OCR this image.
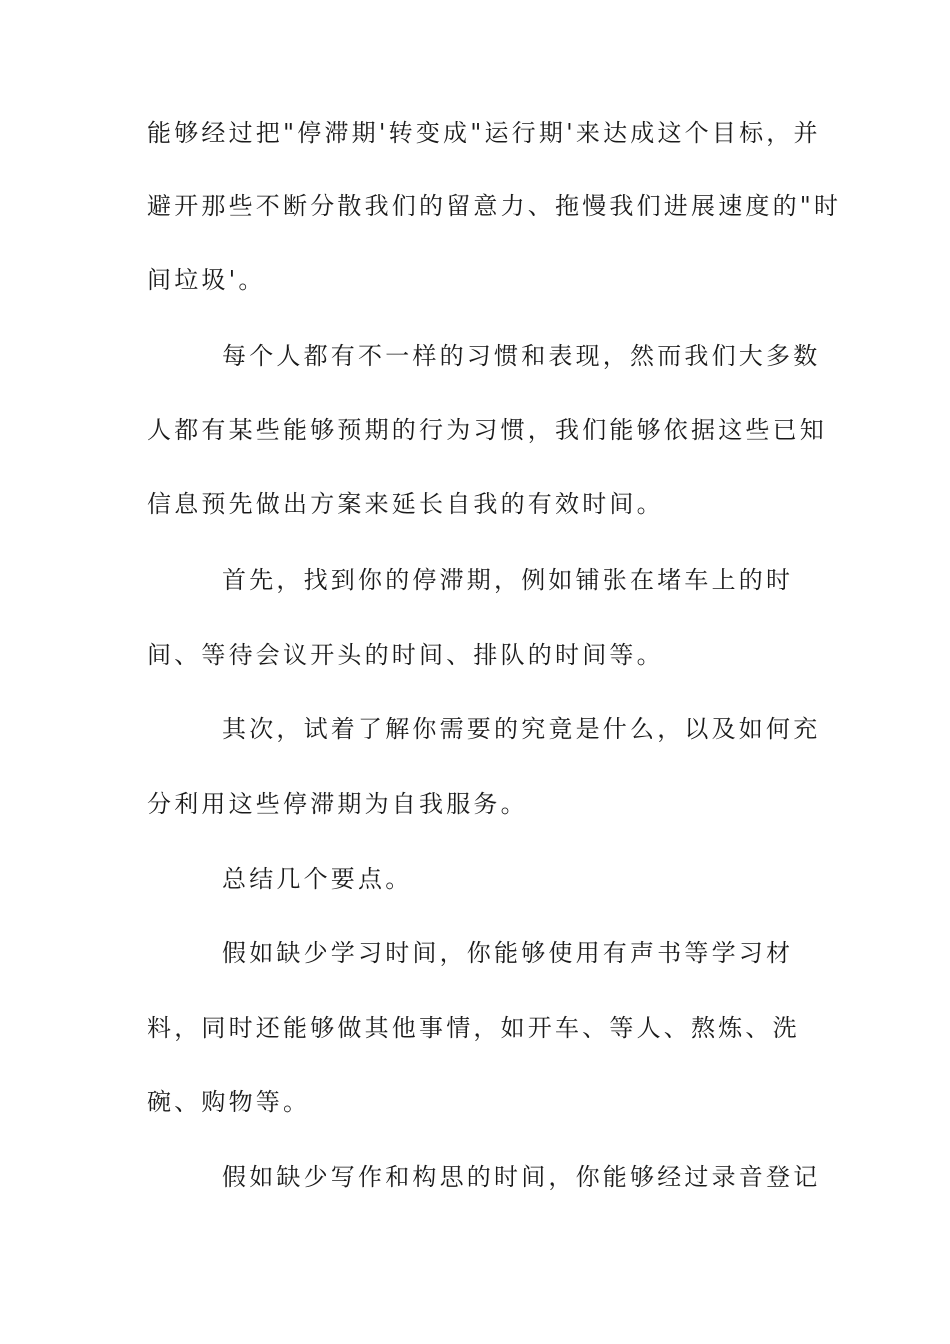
能够经过把"停滞期'转变成"运行期'来达成这个目标，并
避开那些不断分散我们的留意力、拖慢我们进展速度的"时
间垃圾'。
每个人都有不一样的习惯和表现，然而我们大多数
人都有某些能够预期的行为习惯，我们能够依据这些已知
信息预先做出方案来延长自我的有效时间。
首先，找到你的停滞期，例如铺张在堵车上的时
间、等待会议开头的时间、排队的时间等。
其次，试着了解你需要的究竟是什么，以及如何充
分利用这些停滞期为自我服务。
总结几个要点。
假如缺少学习时间，你能够使用有声书等学习材
料，同时还能够做其他事情，如开车、等人、熬炼、洗
碗、购物等。
假如缺少写作和构思的时间，你能够经过录音登记
